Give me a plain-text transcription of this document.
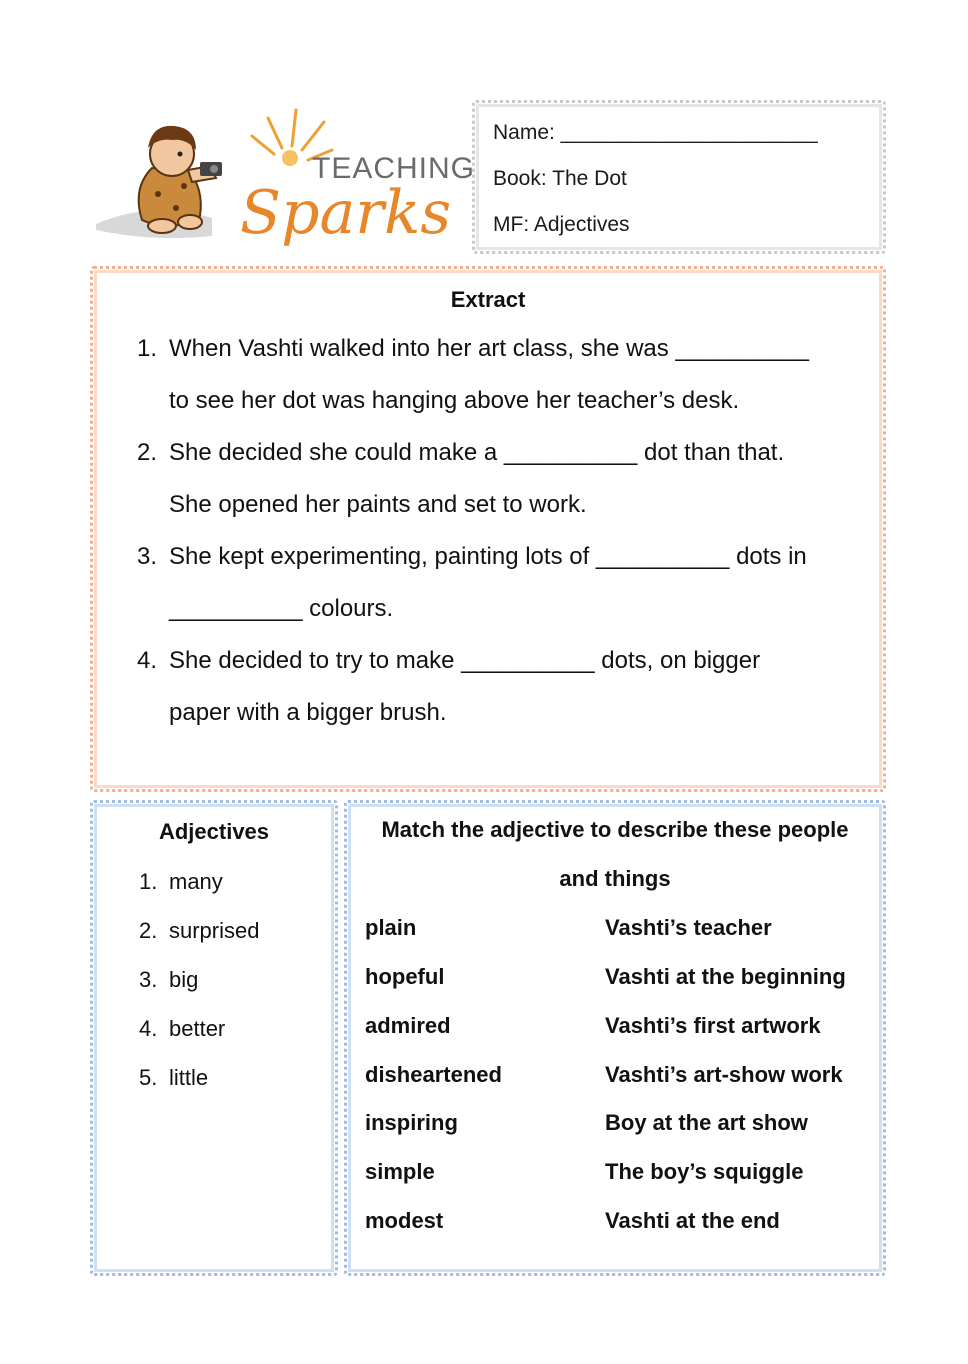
TEACHING
Sparks
Name: ______________________
Book: The Dot
MF: Adjectives
Extract
1. When Vashti walked into her art class, she was __________
to see her dot was hanging above her teacher’s desk.
2. She decided she could make a __________ dot than that.
She opened her paints and set to work.
3. She kept experimenting, painting lots of __________ dots in
__________ colours.
4. She decided to try to make __________ dots, on bigger
paper with a bigger brush.
Adjectives
1. many
2. surprised
3. big
4. better
5. little
Match the adjective to describe these people
and things
plain	Vashti’s teacher
hopeful	Vashti at the beginning
admired	Vashti’s first artwork
disheartened	Vashti’s art-show work
inspiring	Boy at the art show
simple	The boy’s squiggle
modest	Vashti at the end
